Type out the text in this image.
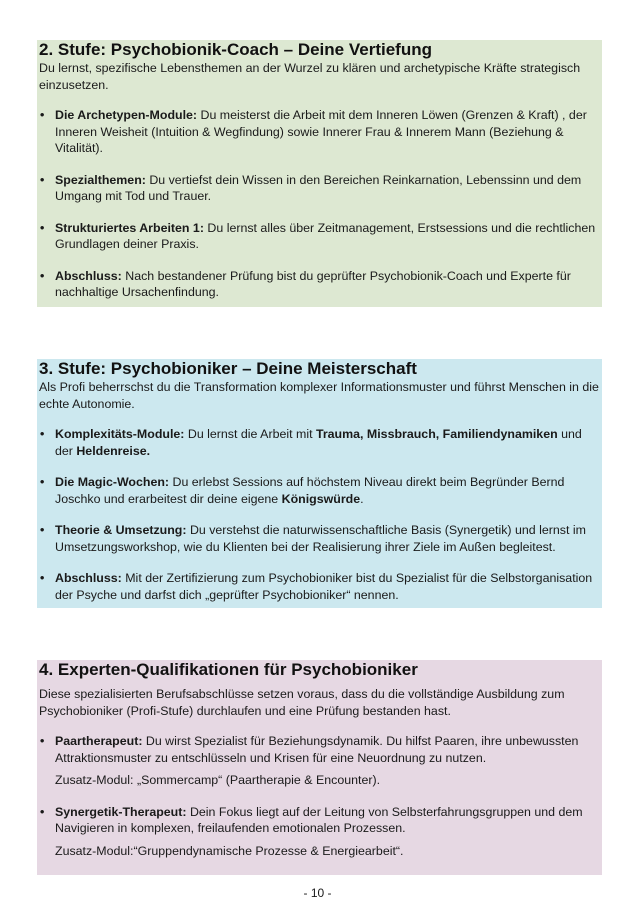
2. Stufe: Psychobionik-Coach – Deine Vertiefung

Du lernst, spezifische Lebensthemen an der Wurzel zu klären und archetypische Kräfte strategisch einzusetzen.

• Die Archetypen-Module: Du meisterst die Arbeit mit dem Inneren Löwen (Grenzen & Kraft) , der Inneren Weisheit (Intuition & Wegfindung) sowie Innerer Frau & Innerem Mann (Beziehung & Vitalität).
• Spezialthemen: Du vertiefst dein Wissen in den Bereichen Reinkarnation, Lebenssinn und dem Umgang mit Tod und Trauer.
• Strukturiertes Arbeiten 1: Du lernst alles über Zeitmanagement, Erstsessions und die rechtlichen Grundlagen deiner Praxis.
• Abschluss: Nach bestandener Prüfung bist du geprüfter Psychobionik-Coach und Experte für nachhaltige Ursachenfindung.
3. Stufe: Psychobioniker – Deine Meisterschaft

Als Profi beherrschst du die Transformation komplexer Informationsmuster und führst Menschen in die echte Autonomie.

• Komplexitäts-Module: Du lernst die Arbeit mit Trauma, Missbrauch, Familiendynamiken und der Heldenreise.
• Die Magic-Wochen: Du erlebst Sessions auf höchstem Niveau direkt beim Begründer Bernd Joschko und erarbeitest dir deine eigene Königswürde.
• Theorie & Umsetzung: Du verstehst die naturwissenschaftliche Basis (Synergetik) und lernst im Umsetzungsworkshop, wie du Klienten bei der Realisierung ihrer Ziele im Außen begleitest.
• Abschluss: Mit der Zertifizierung zum Psychobioniker bist du Spezialist für die Selbstorganisation der Psyche und darfst dich „geprüfter Psychobioniker“ nennen.
4. Experten-Qualifikationen für Psychobioniker

Diese spezialisierten Berufsabschlüsse setzen voraus, dass du die vollständige Ausbildung zum Psychobioniker (Profi-Stufe) durchlaufen und eine Prüfung bestanden hast.

• Paartherapeut: Du wirst Spezialist für Beziehungsdynamik. Du hilfst Paaren, ihre unbewussten Attraktionsmuster zu entschlüsseln und Krisen für eine Neuordnung zu nutzen.

Zusatz-Modul: „Sommercamp“ (Paartherapie & Encounter).

• Synergetik-Therapeut: Dein Fokus liegt auf der Leitung von Selbsterfahrungsgruppen und dem Navigieren in komplexen, freilaufenden emotionalen Prozessen.

Zusatz-Modul:“Gruppendynamische Prozesse & Energiearbeit“.

- 10 -
